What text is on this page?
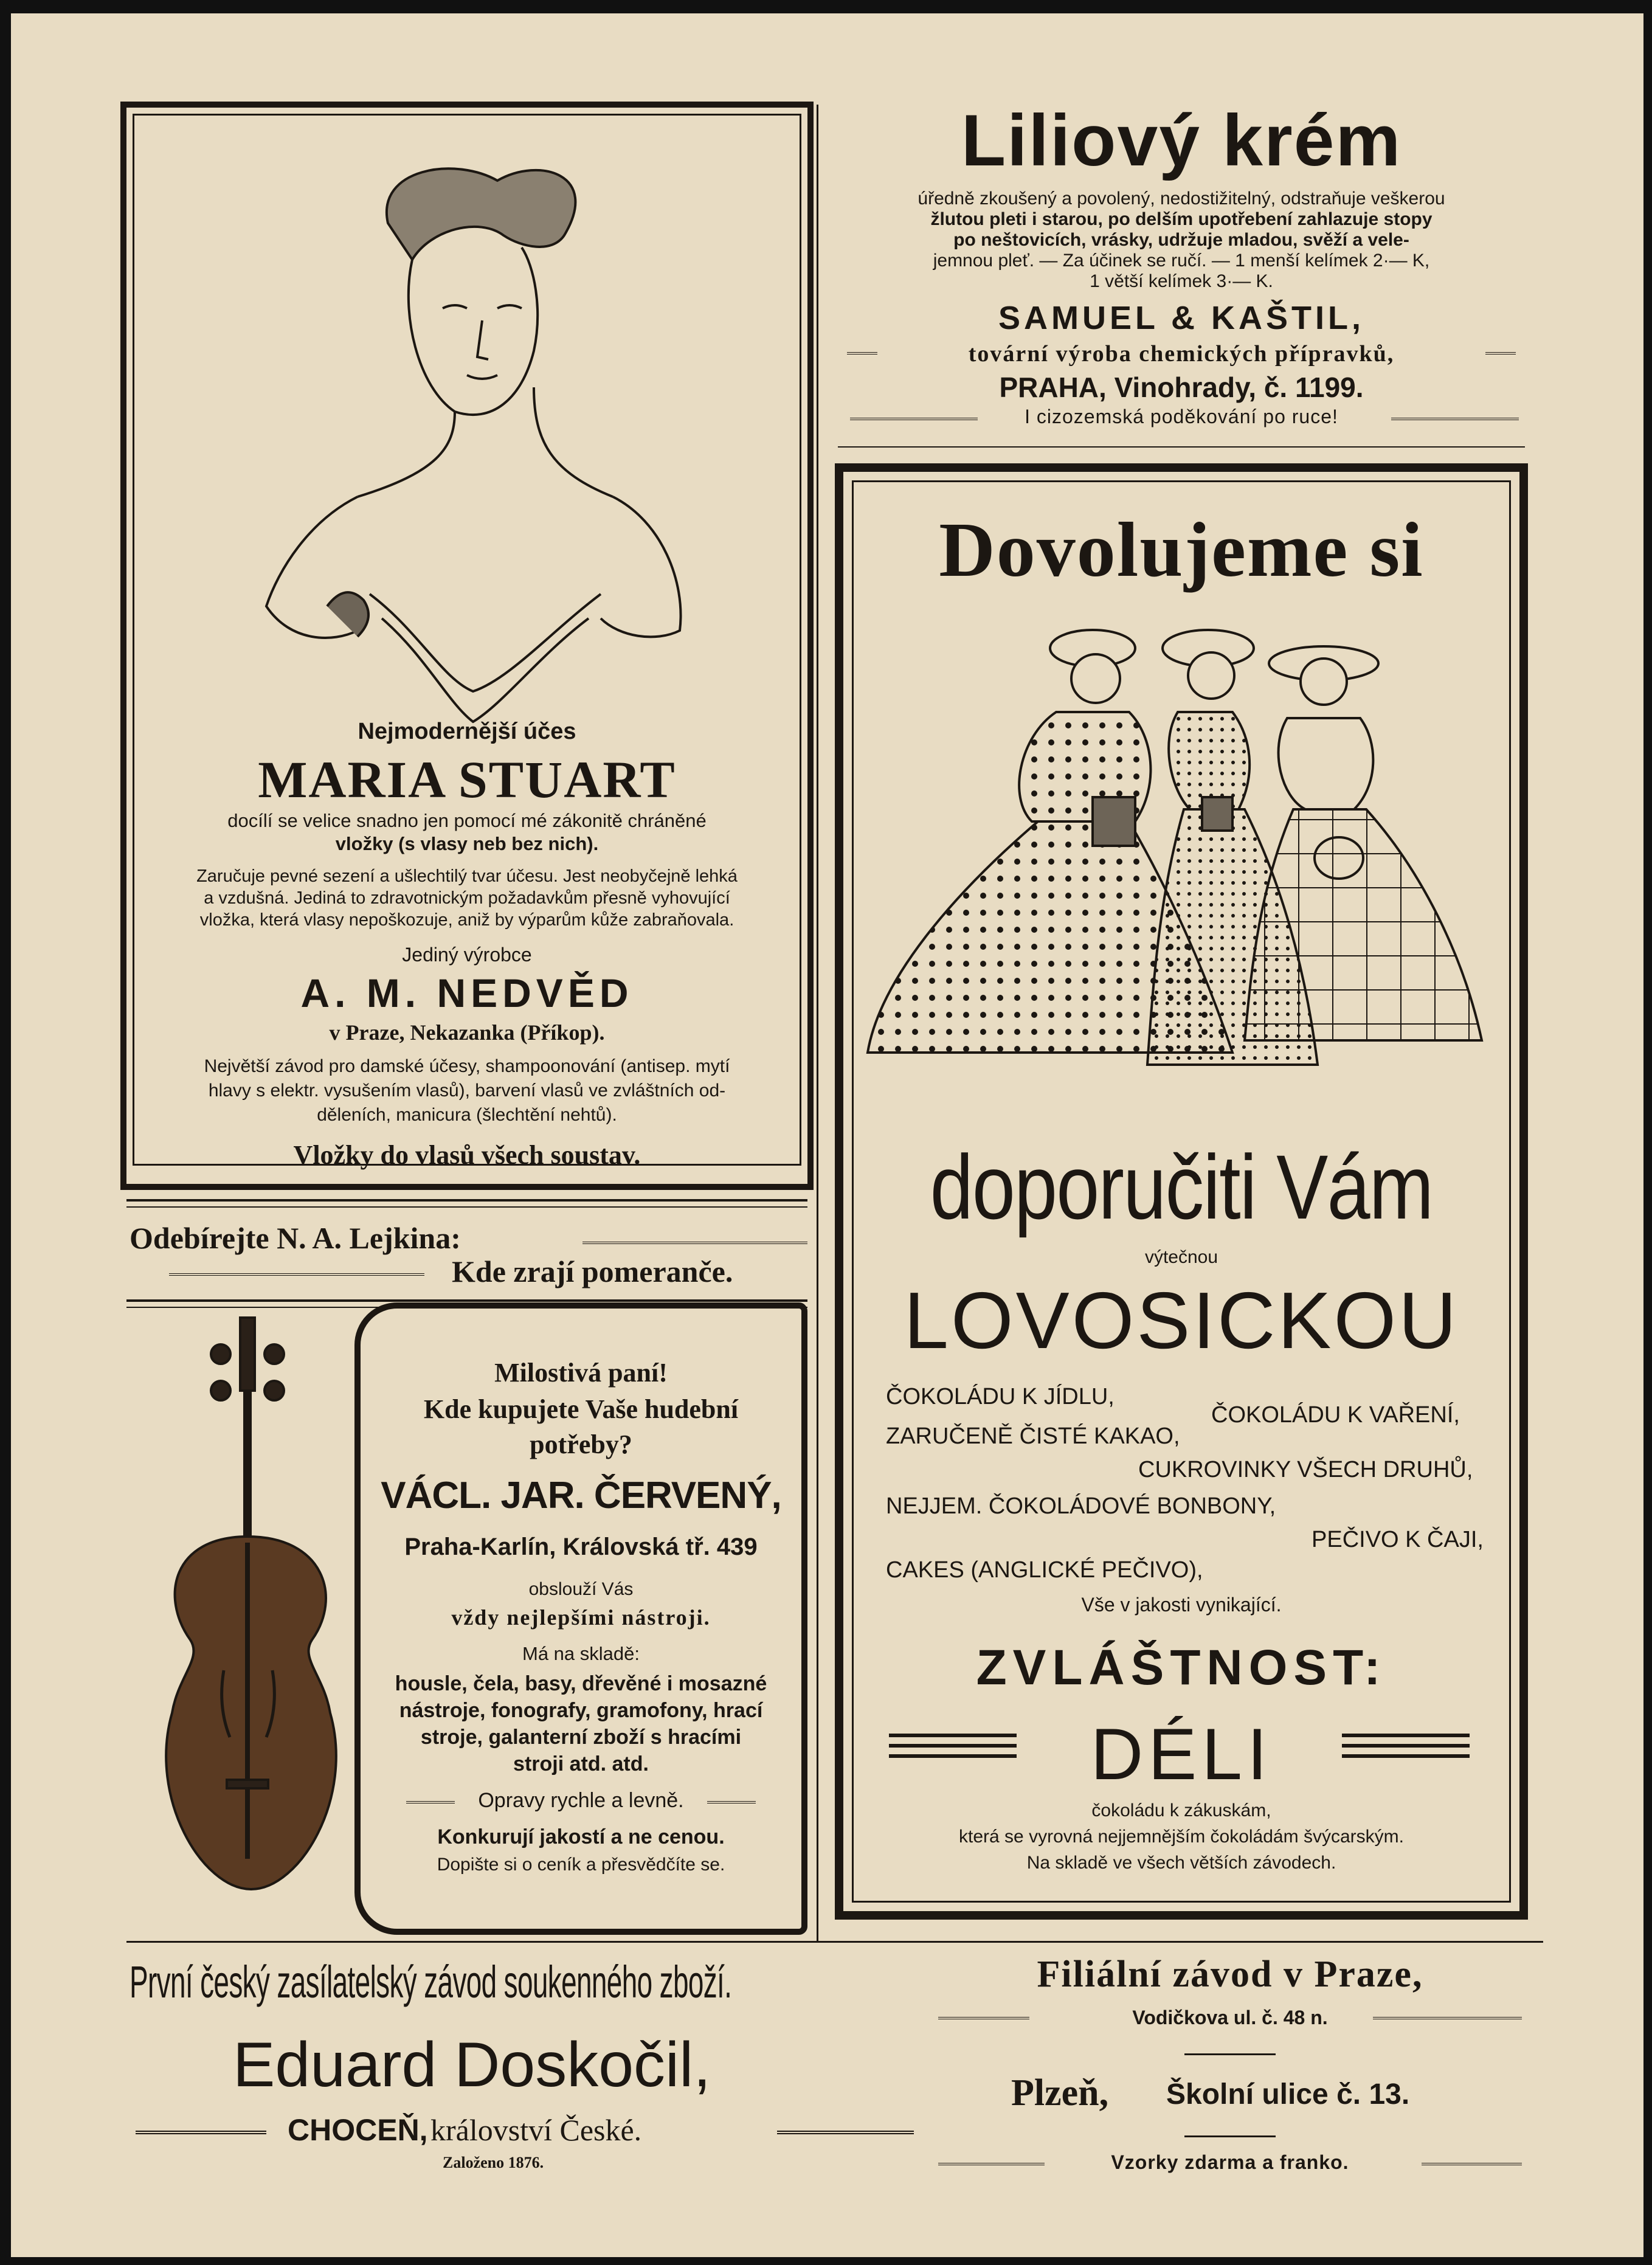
Nejmodernější účes
MARIA STUART
docílí se velice snadno jen pomocí mé zákonitě chráněné
vložky (s vlasy neb bez nich).
Zaručuje pevné sezení a ušlechtilý tvar účesu. Jest neobyčejně lehká
a vzdušná. Jediná to zdravotnickým požadavkům přesně vyhovující
vložka, která vlasy nepoškozuje, aniž by výparům kůže zabraňovala.
Jediný výrobce
A. M. NEDVĚD
v Praze, Nekazanka (Příkop).
Největší závod pro damské účesy, shampoonování (antisep. mytí
hlavy s elektr. vysušením vlasů), barvení vlasů ve zvláštních od-
děleních, manicura (šlechtění nehtů).
Vložky do vlasů všech soustav.
Odebírejte N. A. Lejkina:
Kde zrají pomeranče.
Milostivá paní!
Kde kupujete Vaše hudební
potřeby?
VÁCL. JAR. ČERVENÝ,
Praha-Karlín, Královská tř. 439
obslouží Vás
vždy nejlepšími nástroji.
Má na skladě:
housle, čela, basy, dřevěné i mosazné
nástroje, fonografy, gramofony, hrací
stroje, galanterní zboží s hracími
stroji atd. atd.
Opravy rychle a levně.
Konkurují jakostí a ne cenou.
Dopište si o ceník a přesvědčíte se.
První český zasílatelský závod soukenného zboží.
Eduard Doskočil,
CHOCEŇ, království České.
Založeno 1876.
Liliový krém
úředně zkoušený a povolený, nedostižitelný, odstraňuje veškerou
žlutou pleti i starou, po delším upotřebení zahlazuje stopy
po neštovicích, vrásky, udržuje mladou, svěží a vele-
jemnou pleť. — Za účinek se ručí. — 1 menší kelímek 2·— K,
1 větší kelímek 3·— K.
SAMUEL & KAŠTIL,
tovární výroba chemických přípravků,
PRAHA, Vinohrady, č. 1199.
I cizozemská poděkování po ruce!
Dovolujeme si
doporučiti Vám
výtečnou
LOVOSICKOU
ČOKOLÁDU K JÍDLU,
ČOKOLÁDU K VAŘENÍ,
ZARUČENĚ ČISTÉ KAKAO,
CUKROVINKY VŠECH DRUHŮ,
NEJJEM. ČOKOLÁDOVÉ BONBONY,
PEČIVO K ČAJI,
CAKES (ANGLICKÉ PEČIVO),
Vše v jakosti vynikající.
ZVLÁŠTNOST:
DÉLI
čokoládu k zákuskám,
která se vyrovná nejjemnějším čokoládám švýcarským.
Na skladě ve všech větších závodech.
Filiální závod v Praze,
Vodičkova ul. č. 48 n.
Plzeň, Školní ulice č. 13.
Vzorky zdarma a franko.
